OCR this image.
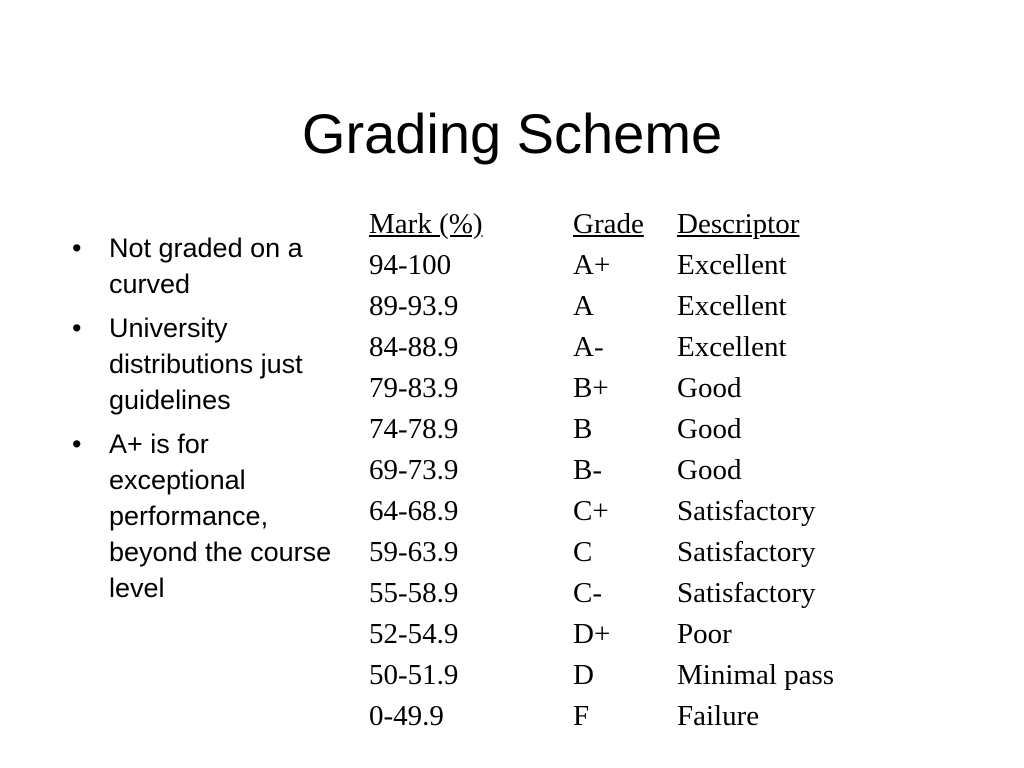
Grading Scheme
• Not graded on a curved
• University distributions just guidelines
• A+ is for exceptional performance, beyond the course level
Mark (%)	Grade	Descriptor
94-100	A+	Excellent
89-93.9	A	Excellent
84-88.9	A-	Excellent
79-83.9	B+	Good
74-78.9	B	Good
69-73.9	B-	Good
64-68.9	C+	Satisfactory
59-63.9	C	Satisfactory
55-58.9	C-	Satisfactory
52-54.9	D+	Poor
50-51.9	D	Minimal pass
0-49.9	F	Failure
